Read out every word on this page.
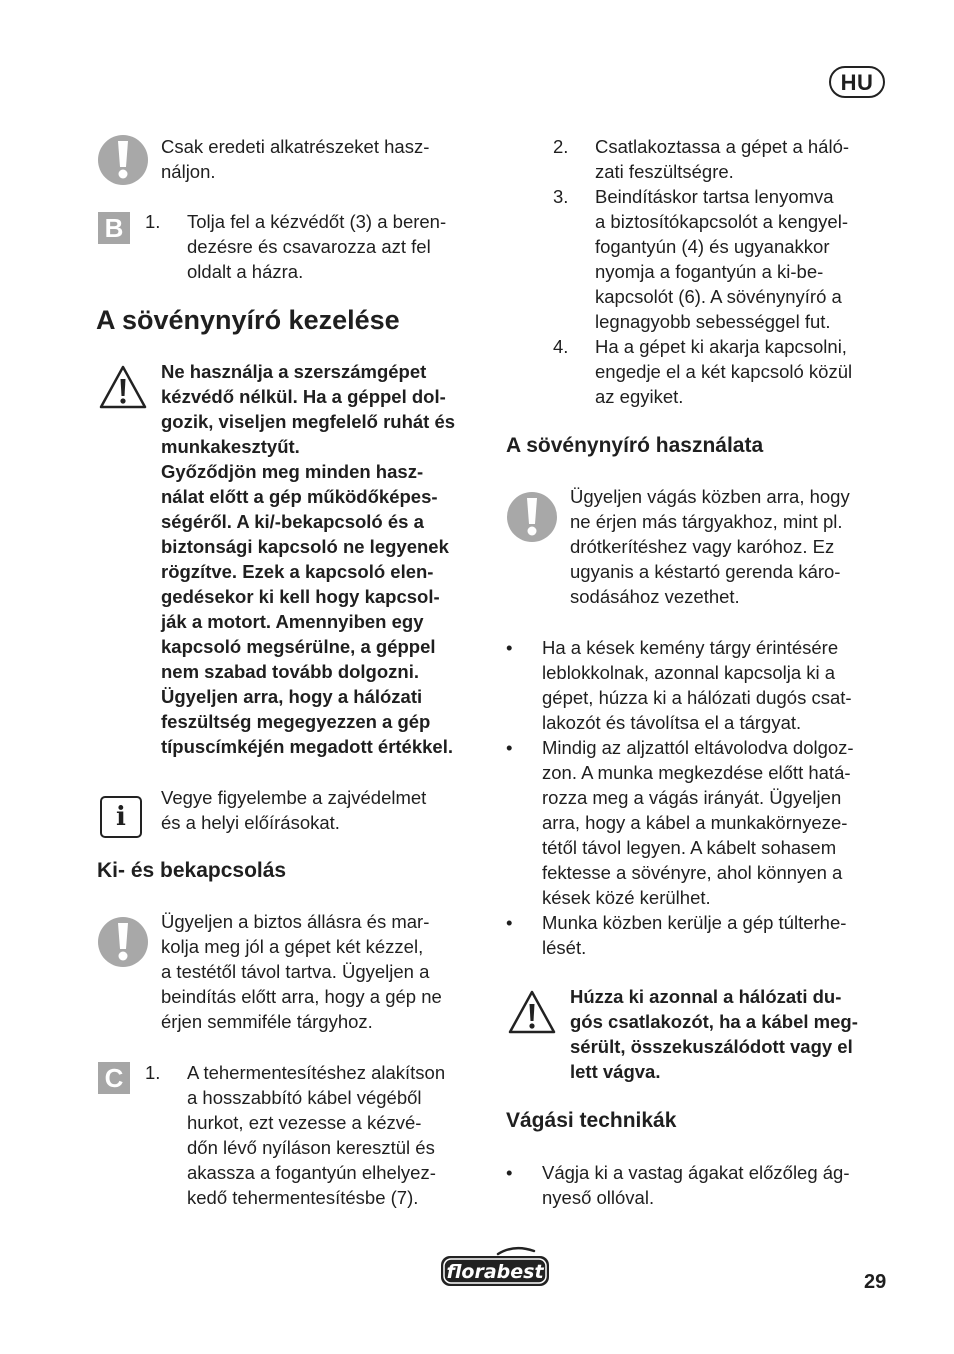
HU

Csak eredeti alkatrészeket hasz-
náljon.

B 1.	Tolja fel a kézvédőt (3) a beren-
dezésre és csavarozza azt fel
oldalt a házra.
A sövénynyíró kezelése

Ne használja a szerszámgépet
kézvédő nélkül. Ha a géppel dol-
gozik, viseljen megfelelő ruhát és
munkakesztyűt.
Győződjön meg minden hasz-
nálat előtt a gép működőképes-
ségéről. A ki/-bekapcsoló és a
biztonsági kapcsoló ne legyenek
rögzítve. Ezek a kapcsoló elen-
gedésekor ki kell hogy kapcsol-
ják a motort. Amennyiben egy
kapcsoló megsérülne, a géppel
nem szabad tovább dolgozni.
Ügyeljen arra, hogy a hálózati
feszültség megegyezzen a gép
típuscímkéjén megadott értékkel.

i

Vegye figyelembe a zajvédelmet
és a helyi előírásokat.

Ki- és bekapcsolás

Ügyeljen a biztos állásra és mar-
kolja meg jól a gépet két kézzel,
a testétől távol tartva. Ügyeljen a
beindítás előtt arra, hogy a gép ne
érjen semmiféle tárgyhoz.

C 1.	A tehermentesítéshez alakítson
a hosszabbító kábel végéből
hurkot, ezt vezesse a kézvé-
dőn lévő nyíláson keresztül és
akassza a fogantyún elhelyez-
kedő tehermentesítésbe (7).
2.	Csatlakoztassa a gépet a háló-
zati feszültségre.
3.	Beindításkor tartsa lenyomva
a biztosítókapcsolót a kengyel-
fogantyún (4) és ugyanakkor
nyomja a fogantyún a ki-be-
kapcsolót (6). A sövénynyíró a
legnagyobb sebességgel fut.
4.	Ha a gépet ki akarja kapcsolni,
engedje el a két kapcsoló közül
az egyiket.
A sövénynyíró használata

Ügyeljen vágás közben arra, hogy
ne érjen más tárgyakhoz, mint pl.
drótkerítéshez vagy karóhoz. Ez
ugyanis a késtartó gerenda káro-
sodásához vezethet.

•	Ha a kések kemény tárgy érintésére
leblokkolnak, azonnal kapcsolja ki a
gépet, húzza ki a hálózati dugós csat-
lakozót és távolítsa el a tárgyat.
•	Mindig az aljzattól eltávolodva dolgoz-
zon. A munka megkezdése előtt hatá-
rozza meg a vágás irányát. Ügyeljen
arra, hogy a kábel a munkakörnyeze-
tétől távol legyen. A kábelt sohasem
fektesse a sövényre, ahol könnyen a
kések közé kerülhet.
•	Munka közben kerülje a gép túlterhe-
lését.

Húzza ki azonnal a hálózati du-
gós csatlakozót, ha a kábel meg-
sérült, összekuszálódott vagy el
lett vágva.

Vágási technikák
•	Vágja ki a vastag ágakat előzőleg ág-
nyeső ollóval.
florabest	29
